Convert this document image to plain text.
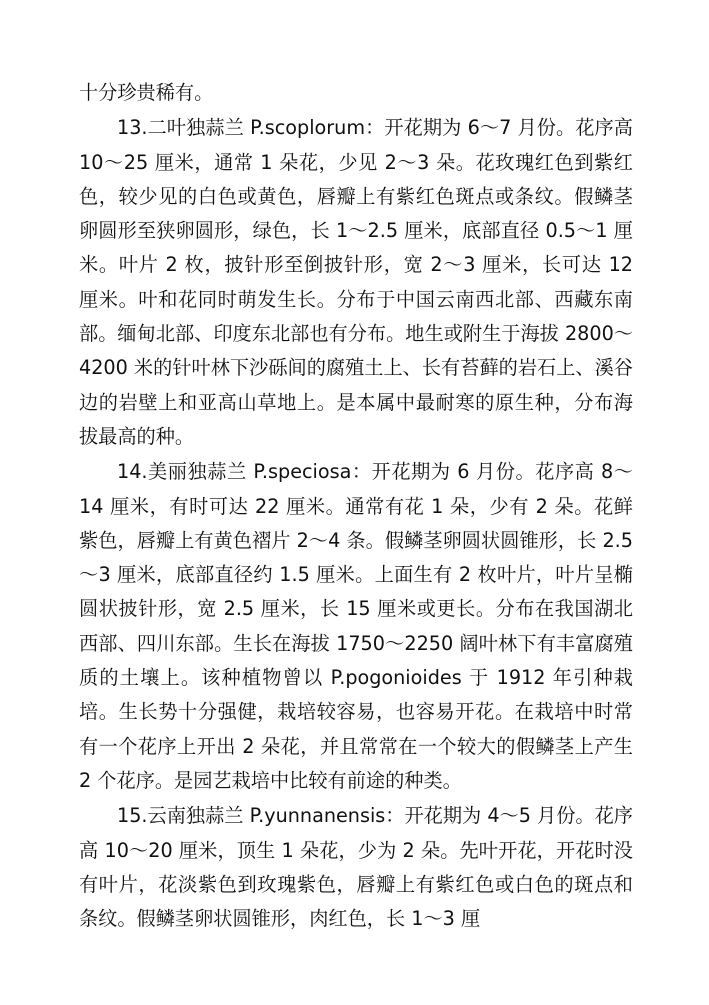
十分珍贵稀有。

13.二叶独蒜兰 P.scoplorum：开花期为 6～7 月份。花序高 10～25 厘米，通常 1 朵花，少见 2～3 朵。花玫瑰红色到紫红色，较少见的白色或黄色，唇瓣上有紫红色斑点或条纹。假鳞茎卵圆形至狭卵圆形，绿色，长 1～2.5 厘米，底部直径 0.5～1 厘米。叶片 2 枚，披针形至倒披针形，宽 2～3 厘米，长可达 12 厘米。叶和花同时萌发生长。分布于中国云南西北部、西藏东南部。缅甸北部、印度东北部也有分布。地生或附生于海拔 2800～4200 米的针叶林下沙砾间的腐殖土上、长有苔藓的岩石上、溪谷边的岩壁上和亚高山草地上。是本属中最耐寒的原生种，分布海拔最高的种。

14.美丽独蒜兰 P.speciosa：开花期为 6 月份。花序高 8～14 厘米，有时可达 22 厘米。通常有花 1 朵，少有 2 朵。花鲜紫色，唇瓣上有黄色褶片 2～4 条。假鳞茎卵圆状圆锥形，长 2.5～3 厘米，底部直径约 1.5 厘米。上面生有 2 枚叶片，叶片呈椭圆状披针形，宽 2.5 厘米，长 15 厘米或更长。分布在我国湖北西部、四川东部。生长在海拔 1750～2250 阔叶林下有丰富腐殖质的土壤上。该种植物曾以 P.pogonioides 于 1912 年引种栽培。生长势十分强健，栽培较容易，也容易开花。在栽培中时常有一个花序上开出 2 朵花，并且常常在一个较大的假鳞茎上产生 2 个花序。是园艺栽培中比较有前途的种类。

15.云南独蒜兰 P.yunnanensis：开花期为 4～5 月份。花序高 10～20 厘米，顶生 1 朵花，少为 2 朵。先叶开花，开花时没有叶片，花淡紫色到玫瑰紫色，唇瓣上有紫红色或白色的斑点和条纹。假鳞茎卵状圆锥形，肉红色，长 1～3 厘
